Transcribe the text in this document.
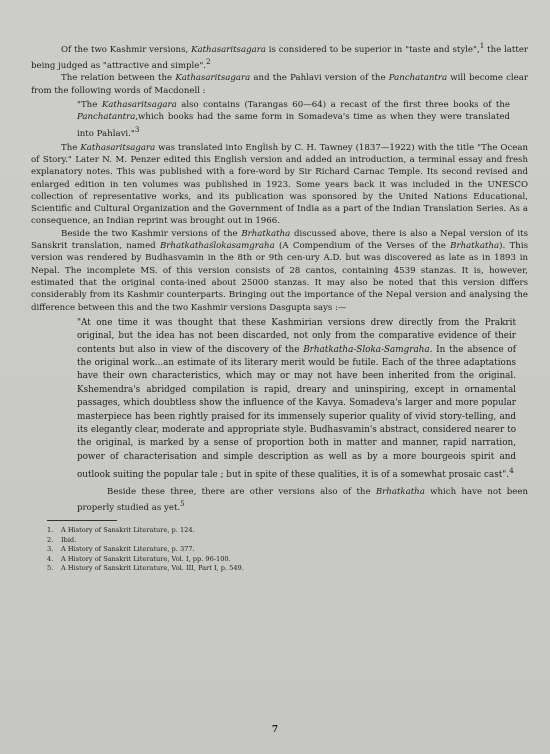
Of the two Kashmir versions, Kathasaritsagara is considered to be superior in "taste and style",$^1$ the latter being judged as "attractive and simple".$^2$

The relation between the Kathasaritsagara and the Pahlavi version of the Panchatantra will become clear from the following words of Macdonell :

"The Kathasaritsagara also contains (Tarangas 60—64) a recast of the first three books of the Panchatantra,which books had the same form in Somadeva's time as when they were translated into Pahlavi."$^3$

The Kathasaritsagara was translated into English by C. H. Tawney (1837—1922) with the title "The Ocean of Story." Later N. M. Penzer edited this English version and added an introduction, a terminal essay and fresh explanatory notes. This was published with a fore-word by Sir Richard Carnac Temple. Its second revised and enlarged edition in ten volumes was published in 1923. Some years back it was included in the UNESCO collection of representative works, and its publication was sponsored by the United Nations Educational, Scientific and Cultural Organization and the Government of India as a part of the Indian Translation Series. As a consequence, an Indian reprint was brought out in 1966.

Beside the two Kashmir versions of the Brhatkatha discussed above, there is also a Nepal version of its Sanskrit translation, named Brhatkathaślokasamgraha (A Compendium of the Verses of the Brhatkatha). This version was rendered by Budhasvamin in the 8th or 9th cen-ury A.D. but was discovered as late as in 1893 in Nepal. The incomplete MS. of this version consists of 28 cantos, containing 4539 stanzas. It is, however, estimated that the original conta-ined about 25000 stanzas. It may also be noted that this version differs considerably from its Kashmir counterparts. Bringing out the importance of the Nepal version and analysing the difference between this and the two Kashmir versions Dasgupta says :—

"At one time it was thought that these Kashmirian versions drew directly from the Prakrit original, but the idea has not been discarded, not only from the comparative evidence of their contents but also in view of the discovery of the Brhatkatha-Sloka-Samgraha. In the absence of the original work...an estimate of its literary merit would be futile. Each of the three adaptations have their own characteristics, which may or may not have been inherited from the original. Kshemendra's abridged compilation is rapid, dreary and uninspiring, except in ornamental passages, which doubtless show the influence of the Kavya. Somadeva's larger and more popular masterpiece has been rightly praised for its immensely superior quality of vivid story-telling, and its elegantly clear, moderate and appropriate style. Budhasvamin's abstract, considered nearer to the original, is marked by a sense of proportion both in matter and manner, rapid narration, power of characterisation and simple description as well as by a more bourgeois spirit and outlook suiting the popular tale ; but in spite of these qualities, it is of a somewhat prosaic cast".$^4$

Beside these three, there are other versions also of the Brhatkatha which have not been properly studied as yet.$^5$

1. A History of Sanskrit Literature, p. 124.
2. Ibid.
3. A History of Sanskrit Literature, p. 377.
4. A History of Sanskrit Literature, Vol. I, pp. 96-100.
5. A History of Sanskrit Literature, Vol. III, Part I, p. 549.
7
